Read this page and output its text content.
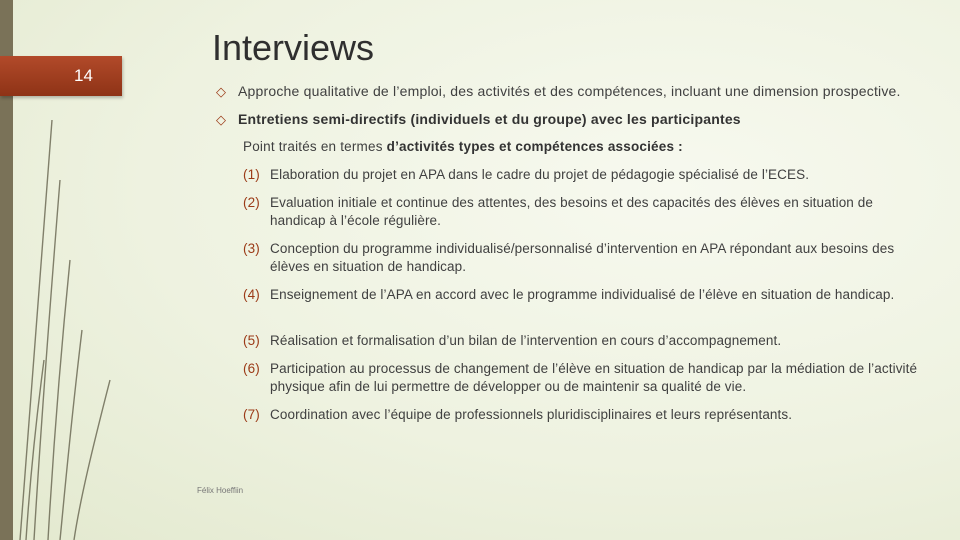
14
Interviews
◇ Approche qualitative de l’emploi, des activités et des compétences, incluant une dimension prospective.
◇ Entretiens semi-directifs (individuels et du groupe) avec les participantes
Point traités en termes d’activités types et compétences associées :
(1) Elaboration du projet en APA dans le cadre du projet de pédagogie spécialisé de l’ECES.
(2) Evaluation initiale et continue des attentes, des besoins et des capacités des élèves en situation de handicap à l’école régulière.
(3) Conception du programme individualisé/personnalisé d’intervention en APA répondant aux besoins des élèves en situation de handicap.
(4) Enseignement de l’APA en accord avec le programme individualisé de l’élève en situation de handicap.
(5) Réalisation et formalisation d’un bilan de l’intervention en cours d’accompagnement.
(6) Participation au processus de changement de l’élève en situation de handicap par la médiation de l’activité physique afin de lui permettre de développer ou de maintenir sa qualité de vie.
(7) Coordination avec l’équipe de professionnels pluridisciplinaires et leurs représentants.
Félix Hoeffiin
